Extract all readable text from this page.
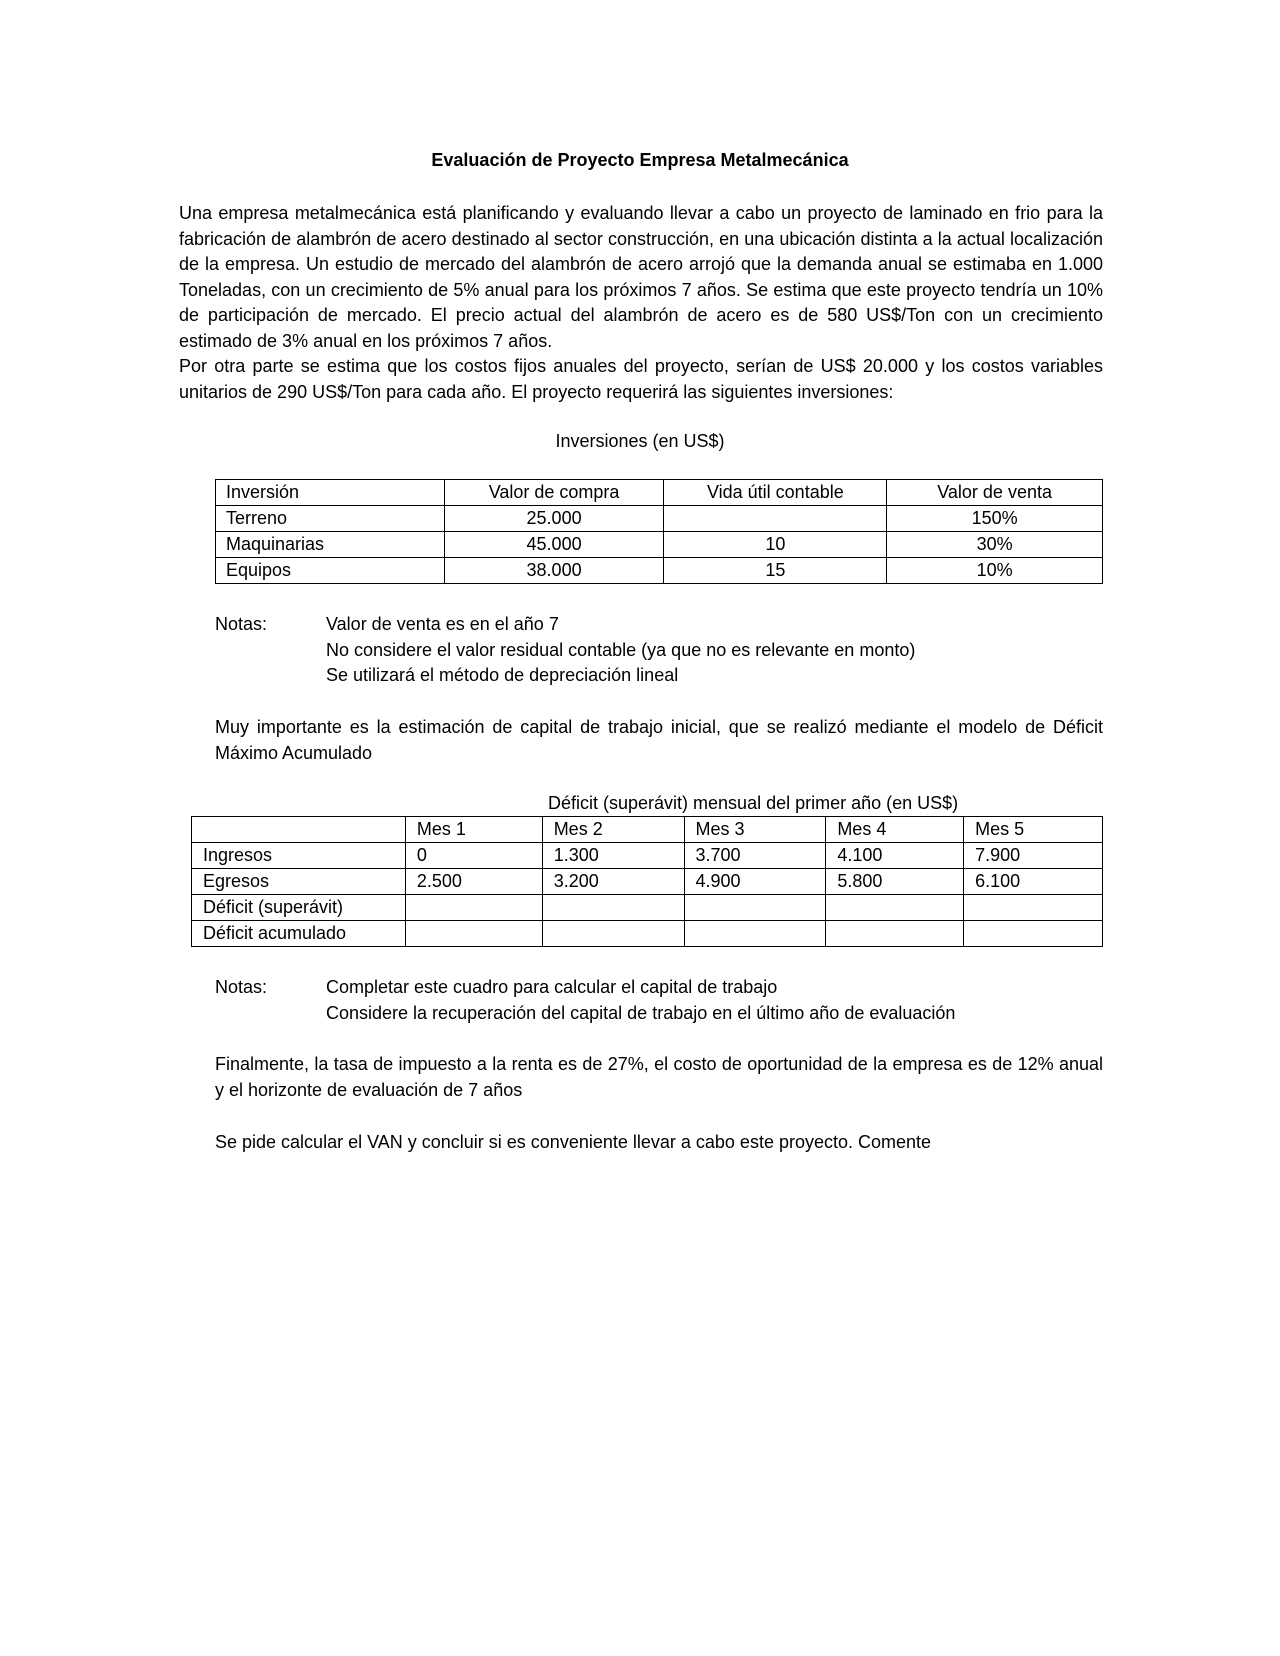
Evaluación de Proyecto Empresa Metalmecánica

Una empresa metalmecánica está planificando y evaluando llevar a cabo un proyecto de laminado en frio para la fabricación de alambrón de acero destinado al sector construcción, en una ubicación distinta a la actual localización de la empresa. Un estudio de mercado del alambrón de acero arrojó que la demanda anual se estimaba en 1.000 Toneladas, con un crecimiento de 5% anual para los próximos 7 años. Se estima que este proyecto tendría un 10% de participación de mercado. El precio actual del alambrón de acero es de 580 US$/Ton con un crecimiento estimado de 3% anual en los próximos 7 años.

Por otra parte se estima que los costos fijos anuales del proyecto, serían de US$ 20.000 y los costos variables unitarios de 290 US$/Ton para cada año. El proyecto requerirá las siguientes inversiones:

Inversiones (en US$)
Inversión	Valor de compra	Vida útil contable	Valor de venta
Terreno	25.000		150%
Maquinarias	45.000	10	30%
Equipos	38.000	15	10%
Notas:	Valor de venta es en el año 7
No considere el valor residual contable (ya que no es relevante en monto)
Se utilizará el método de depreciación lineal

Muy importante es la estimación de capital de trabajo inicial, que se realizó mediante el modelo de Déficit Máximo Acumulado

Déficit (superávit) mensual del primer año (en US$)
	Mes 1	Mes 2	Mes 3	Mes 4	Mes 5
Ingresos	0	1.300	3.700	4.100	7.900
Egresos	2.500	3.200	4.900	5.800	6.100
Déficit (superávit)					
Déficit acumulado					
Notas:	Completar este cuadro para calcular el capital de trabajo
Considere la recuperación del capital de trabajo en el último año de evaluación

Finalmente, la tasa de impuesto a la renta es de 27%, el costo de oportunidad de la empresa es de 12% anual y el horizonte de evaluación de 7 años

Se pide calcular el VAN y concluir si es conveniente llevar a cabo este proyecto. Comente
